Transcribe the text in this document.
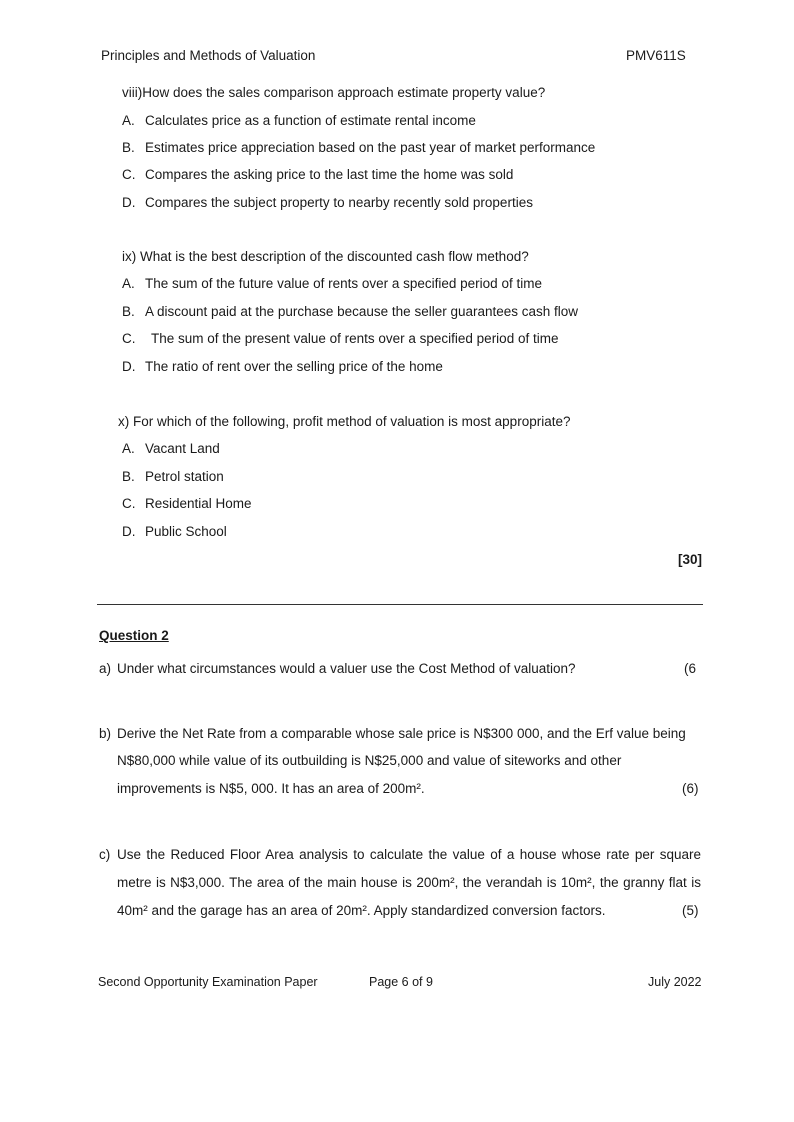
Principles and Methods of Valuation	PMV611S
viii)How does the sales comparison approach estimate property value?
A. Calculates price as a function of estimate rental income
B. Estimates price appreciation based on the past year of market performance
C. Compares the asking price to the last time the home was sold
D. Compares the subject property to nearby recently sold properties
ix) What is the best description of the discounted cash flow method?
A. The sum of the future value of rents over a specified period of time
B. A discount paid at the purchase because the seller guarantees cash flow
C. The sum of the present value of rents over a specified period of time
D. The ratio of rent over the selling price of the home
x) For which of the following, profit method of valuation is most appropriate?
A. Vacant Land
B. Petrol station
C. Residential Home
D. Public School
[30]
Question 2
a) Under what circumstances would a valuer use the Cost Method of valuation?	(6
b) Derive the Net Rate from a comparable whose sale price is N$300 000, and the Erf value being
N$80,000 while value of its outbuilding is N$25,000 and value of siteworks and other
improvements is N$5, 000. It has an area of 200m².	(6)
c) Use the Reduced Floor Area analysis to calculate the value of a house whose rate per square
metre is N$3,000. The area of the main house is 200m², the verandah is 10m², the granny flat is
40m² and the garage has an area of 20m². Apply standardized conversion factors.	(5)
Second Opportunity Examination Paper	Page 6 of 9	July 2022
